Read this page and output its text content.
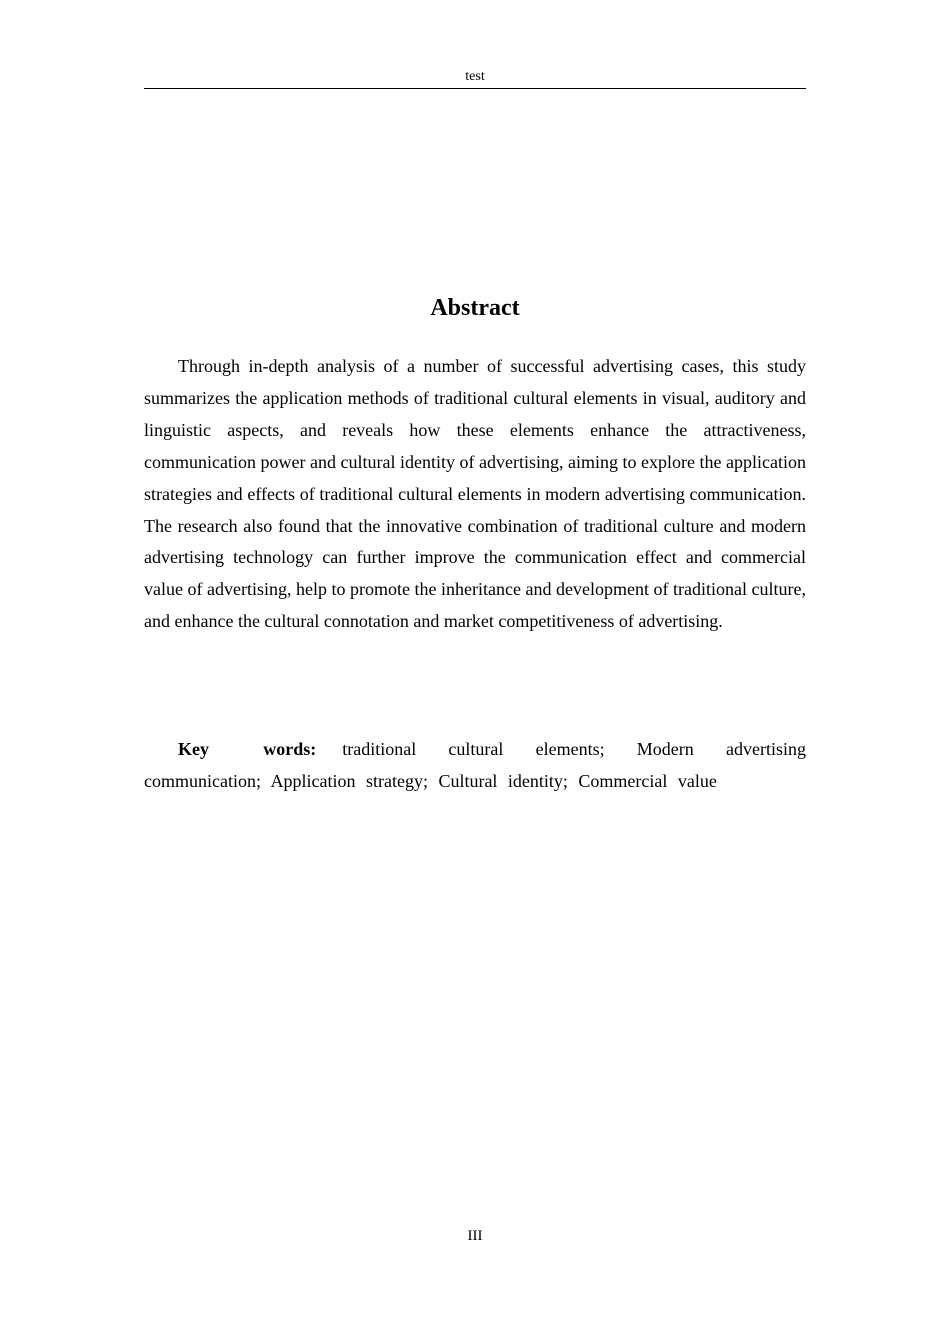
test
Abstract

Through in-depth analysis of a number of successful advertising cases, this study summarizes the application methods of traditional cultural elements in visual, auditory and linguistic aspects, and reveals how these elements enhance the attractiveness, communication power and cultural identity of advertising, aiming to explore the application strategies and effects of traditional cultural elements in modern advertising communication. The research also found that the innovative combination of traditional culture and modern advertising technology can further improve the communication effect and commercial value of advertising, help to promote the inheritance and development of traditional culture, and enhance the cultural connotation and market competitiveness of advertising.

Key words: traditional cultural elements; Modern advertising communication; Application strategy; Cultural identity; Commercial value

III
